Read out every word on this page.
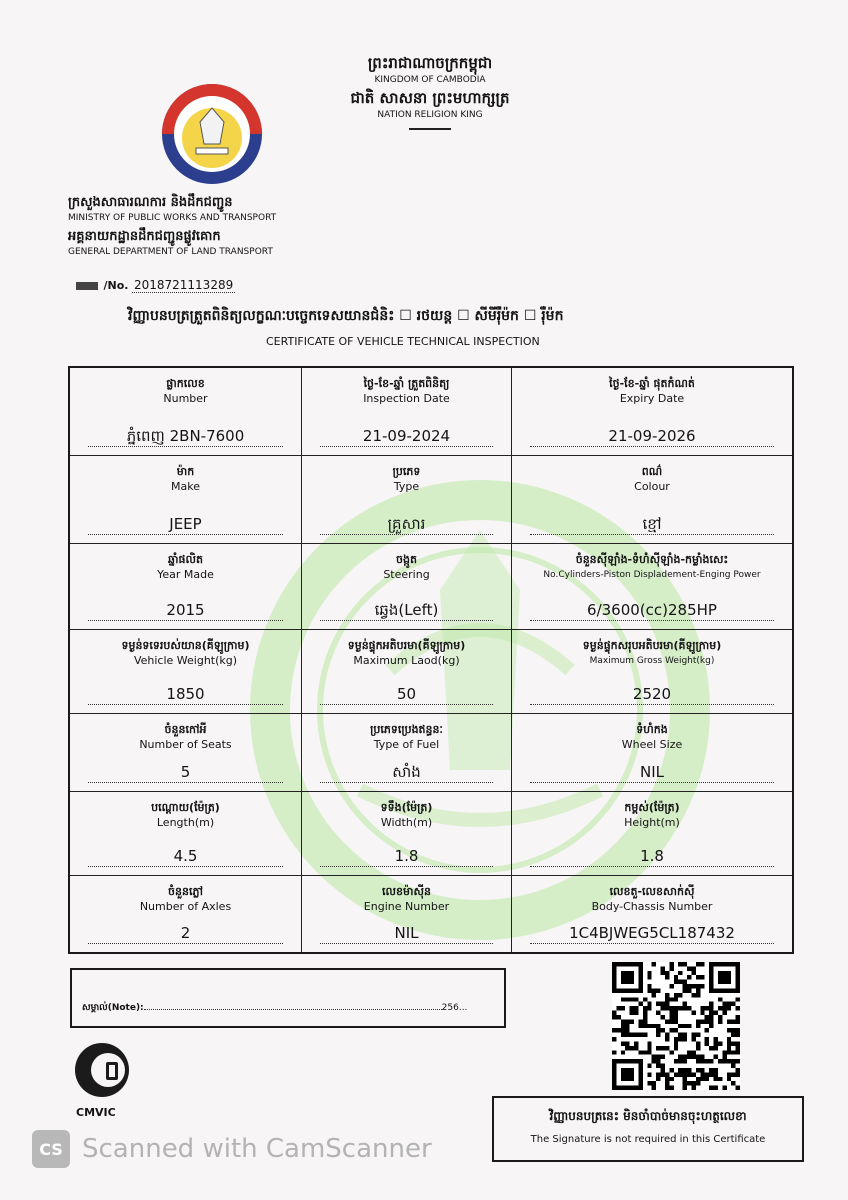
ព្រះរាជាណាចក្រកម្ពុជា
KINGDOM OF CAMBODIA
ជាតិ សាសនា ព្រះមហាក្សត្រ
NATION RELIGION KING
ក្រសួងសាធារណការ និងដឹកជញ្ជូន
MINISTRY OF PUBLIC WORKS AND TRANSPORT
អគ្គនាយកដ្ឋានដឹកជញ្ជូនផ្លូវគោក
GENERAL DEPARTMENT OF LAND TRANSPORT
/No. 2018721113289
វិញ្ញាបនបត្រត្រួតពិនិត្យលក្ខណៈបច្ចេកទេសយានជំនិះ ☐ រថយន្ត ☐ សីមីរ៉ឺម៉ក ☐ រ៉ឺម៉ក
CERTIFICATE OF VEHICLE TECHNICAL INSPECTION
ផ្លាកលេខ
Number
ភ្នំពេញ 2BN-7600
ថ្ងៃ-ខែ-ឆ្នាំ ត្រួតពិនិត្យ
Inspection Date
21-09-2024
ថ្ងៃ-ខែ-ឆ្នាំ ផុតកំណត់
Expiry Date
21-09-2026
ម៉ាក
Make
JEEP
ប្រភេទ
Type
គ្រួសារ
ពណ៌
Colour
ខ្មៅ
ឆ្នាំផលិត
Year Made
2015
ចង្កូត
Steering
ឆ្វេង(Left)
ចំនួនស៊ីឡាំង-ទំហំស៊ីឡាំង-កម្លាំងសេះ
No.Cylinders-Piston Displadement-Enging Power
6/3600(cc)285HP
ទម្ងន់ទទេរបស់យាន(គីឡូក្រាម)
Vehicle Weight(kg)
1850
ទម្ងន់ផ្ទុកអតិបរមា(គីឡូក្រាម)
Maximum Laod(kg)
50
ទម្ងន់ផ្ទុកសរុបអតិបរមា(គីឡូក្រាម)
Maximum Gross Weight(kg)
2520
ចំនួនកៅអី
Number of Seats
5
ប្រភេទប្រេងឥន្ធនៈ
Type of Fuel
សាំង
ទំហំកង
Wheel Size
NIL
បណ្តោយ(ម៉ែត្រ)
Length(m)
4.5
ទទឹង(ម៉ែត្រ)
Width(m)
1.8
កម្ពស់(ម៉ែត្រ)
Height(m)
1.8
ចំនួនភ្លៅ
Number of Axles
2
លេខម៉ាស៊ីន
Engine Number
NIL
លេខតួ-លេខសាក់ស៊ី
Body-Chassis Number
1C4BJWEG5CL187432
សម្គាល់(Note):	256...
CMVIC	វិញ្ញាបនបត្រនេះ មិនចាំបាច់មានចុះហត្ថលេខា
The Signature is not required in this Certificate
CS Scanned with CamScanner
